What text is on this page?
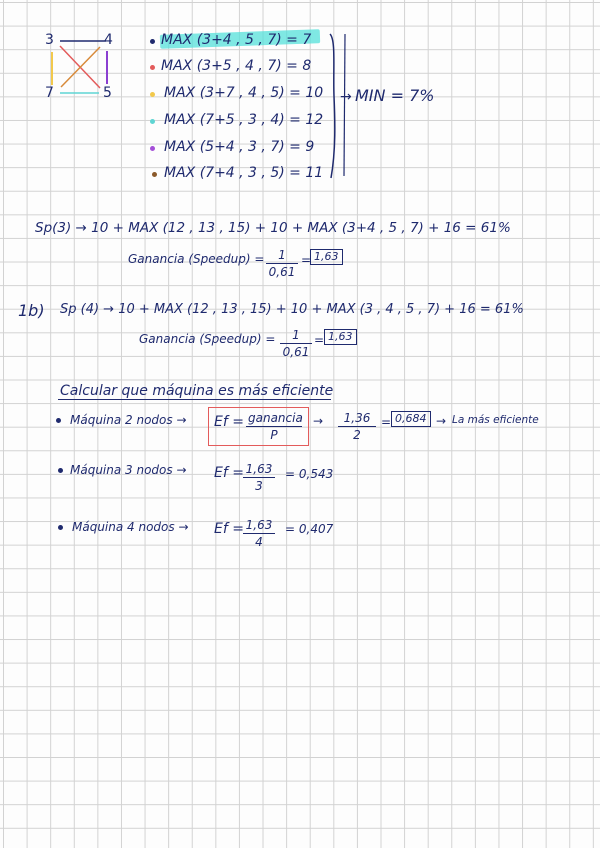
3	4
7	5
MAX (3+4 , 5 , 7) = 7
MAX (3+5 , 4 , 7) = 8
MAX (3+7 , 4 , 5) = 10
MAX (7+5 , 3 , 4) = 12
MAX (5+4 , 3 , 7) = 9
MAX (7+4 , 3 , 5) = 11
→ MIN = 7%
Sp(3) → 10 + MAX (12 , 13 , 15) + 10 + MAX (3+4 , 5 , 7) + 16 = 61%
Ganancia (Speedup) = $\frac{1}{0,61} = 1,63$
1b) Sp (4) → 10 + MAX (12 , 13 , 15) + 10 + MAX (3 , 4 , 5 , 7) + 16 = 61%
Ganancia (Speedup) = $\frac{1}{0,61} = 1,63$
Calcular que máquina es más eficiente
Máquina 2 nodos → Ef = ganancia
P
→ $\frac{1,36}{2} = 0,684 \to La$ más eficiente
Máquina 3 nodos → $Ef = \frac{1,63}{3} = 0,543$
Máquina 4 nodos → $Ef = \frac{1,63}{4} = 0,407$
